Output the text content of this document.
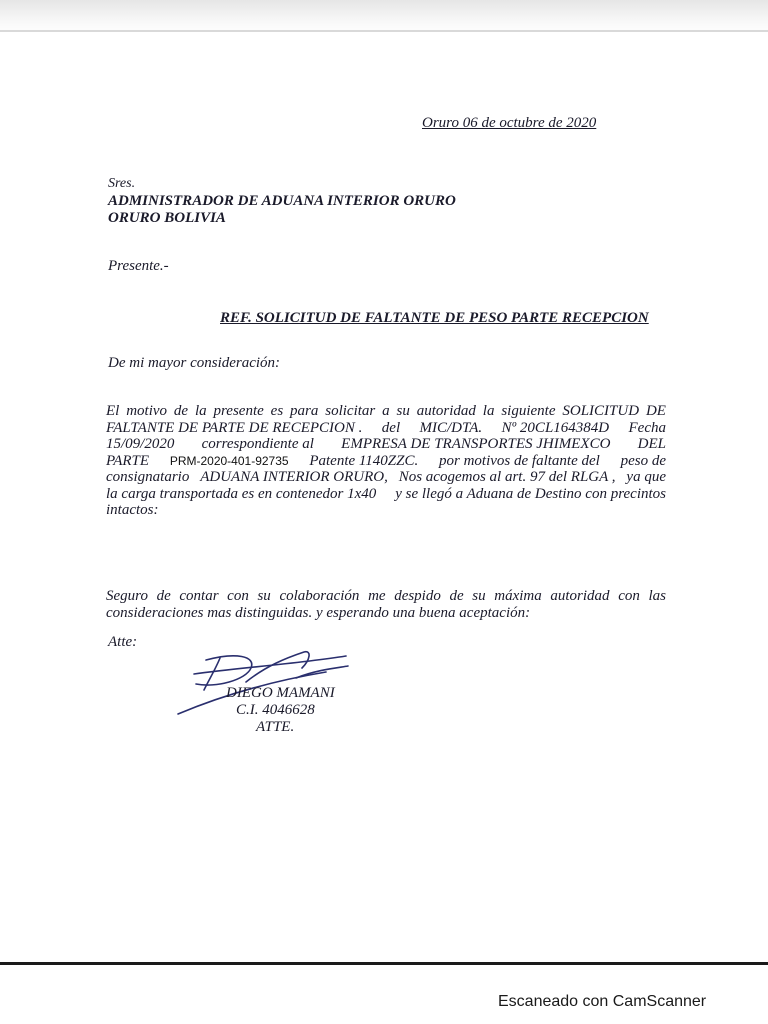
Oruro 06 de octubre de 2020
Sres.
ADMINISTRADOR DE ADUANA INTERIOR ORURO
ORURO BOLIVIA
Presente.-
REF. SOLICITUD DE FALTANTE DE PESO PARTE RECEPCION
De mi mayor consideración:
El motivo de la presente es para solicitar a su autoridad la siguiente SOLICITUD DE
FALTANTE DE PARTE DE RECEPCION . del MIC/DTA. Nº 20CL164384D Fecha
15/09/2020 correspondiente al EMPRESA DE TRANSPORTES JHIMEXCO DEL
PARTE PRM-2020-401-92735 Patente 1140ZZC. por motivos de faltante del peso de
consignatario ADUANA INTERIOR ORURO, Nos acogemos al art. 97 del RLGA , ya que
la carga transportada es en contenedor 1x40 y se llegó a Aduana de Destino con precintos
intactos:
Seguro de contar con su colaboración me despido de su máxima autoridad con las
consideraciones mas distinguidas. y esperando una buena aceptación:
Atte:
DIEGO MAMANI
C.I. 4046628
ATTE.
Escaneado con CamScanner
